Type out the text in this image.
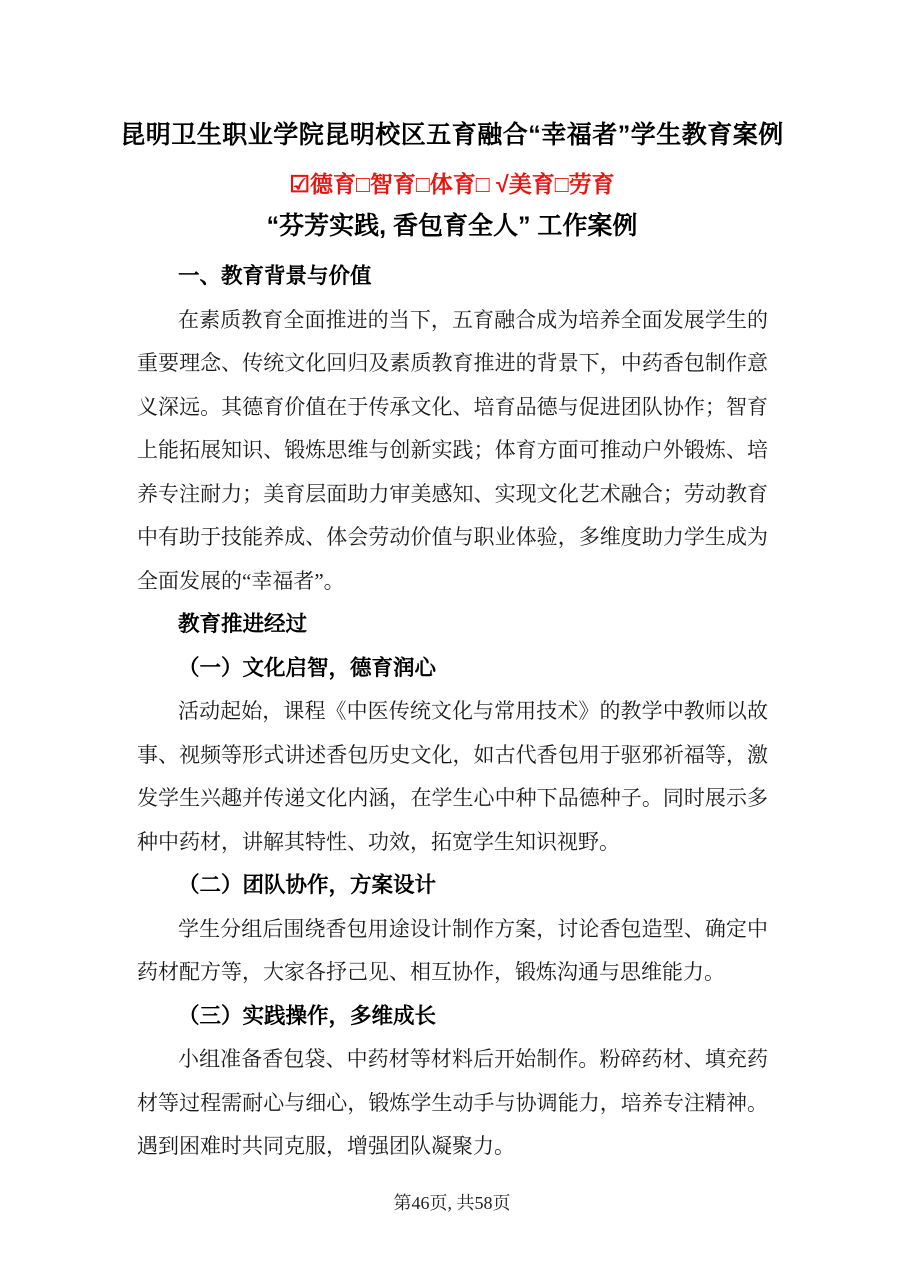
昆明卫生职业学院昆明校区五育融合“幸福者”学生教育案例
☑德育□智育□体育□ √美育□劳育
“芬芳实践, 香包育全人” 工作案例
一、教育背景与价值
在素质教育全面推进的当下，五育融合成为培养全面发展学生的
重要理念、传统文化回归及素质教育推进的背景下，中药香包制作意
义深远。其德育价值在于传承文化、培育品德与促进团队协作；智育
上能拓展知识、锻炼思维与创新实践；体育方面可推动户外锻炼、培
养专注耐力；美育层面助力审美感知、实现文化艺术融合；劳动教育
中有助于技能养成、体会劳动价值与职业体验，多维度助力学生成为
全面发展的“幸福者”。
教育推进经过
（一）文化启智，德育润心
活动起始，课程《中医传统文化与常用技术》的教学中教师以故
事、视频等形式讲述香包历史文化，如古代香包用于驱邪祈福等，激
发学生兴趣并传递文化内涵，在学生心中种下品德种子。同时展示多
种中药材，讲解其特性、功效，拓宽学生知识视野。
（二）团队协作，方案设计
学生分组后围绕香包用途设计制作方案，讨论香包造型、确定中
药材配方等，大家各抒己见、相互协作，锻炼沟通与思维能力。
（三）实践操作，多维成长
小组准备香包袋、中药材等材料后开始制作。粉碎药材、填充药
材等过程需耐心与细心，锻炼学生动手与协调能力，培养专注精神。
遇到困难时共同克服，增强团队凝聚力。
第46页, 共58页
